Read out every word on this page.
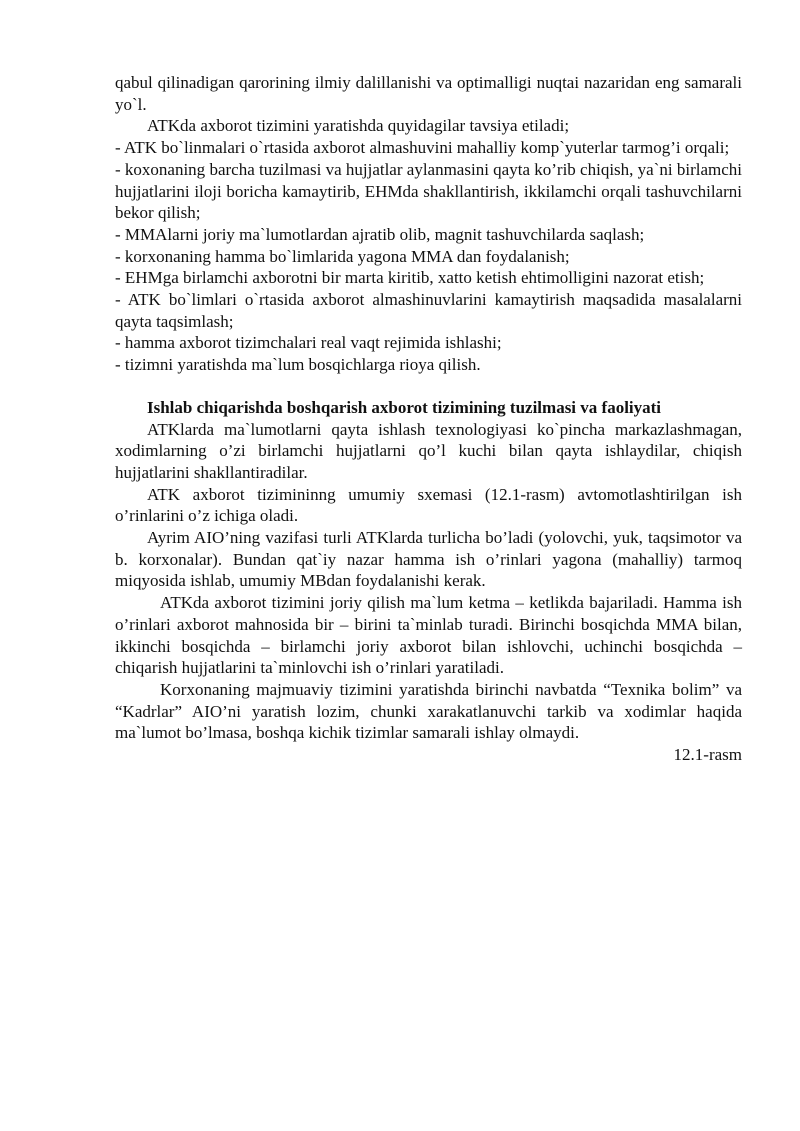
qabul qilinadigan qarorining ilmiy dalillanishi va optimalligi nuqtai nazaridan eng samarali yo`l.

ATKda axborot tizimini yaratishda quyidagilar tavsiya etiladi;

- ATK bo`linmalari o`rtasida axborot almashuvini mahalliy komp`yuterlar tarmog’i orqali;

- koxonaning barcha tuzilmasi va hujjatlar aylanmasini qayta ko’rib chiqish, ya`ni birlamchi hujjatlarini iloji boricha kamaytirib, EHMda shakllantirish, ikkilamchi orqali tashuvchilarni bekor qilish;

- MMAlarni joriy ma`lumotlardan ajratib olib, magnit tashuvchilarda saqlash;

- korxonaning hamma bo`limlarida yagona MMA dan foydalanish;

- EHMga birlamchi axborotni bir marta kiritib, xatto ketish ehtimolligini nazorat etish;

- ATK bo`limlari o`rtasida axborot almashinuvlarini kamaytirish maqsadida masalalarni qayta taqsimlash;

- hamma axborot tizimchalari real vaqt rejimida ishlashi;

- tizimni yaratishda ma`lum bosqichlarga rioya qilish.

Ishlab chiqarishda boshqarish axborot tizimining tuzilmasi va faoliyati

ATKlarda ma`lumotlarni qayta ishlash texnologiyasi ko`pincha markazlashmagan, xodimlarning o’zi birlamchi hujjatlarni qo’l kuchi bilan qayta ishlaydilar, chiqish hujjatlarini shakllantiradilar.

ATK axborot tizimininng umumiy sxemasi (12.1-rasm) avtomotlashtirilgan ish o’rinlarini o’z ichiga oladi.

Ayrim AIO’ning vazifasi turli ATKlarda turlicha bo’ladi (yolovchi, yuk, taqsimotor va b. korxonalar). Bundan qat`iy nazar hamma ish o’rinlari yagona (mahalliy) tarmoq miqyosida ishlab, umumiy MBdan foydalanishi kerak.

ATKda axborot tizimini joriy qilish ma`lum ketma – ketlikda bajariladi. Hamma ish o’rinlari axborot mahnosida bir – birini ta`minlab turadi. Birinchi bosqichda MMA bilan, ikkinchi bosqichda – birlamchi joriy axborot bilan ishlovchi, uchinchi bosqichda – chiqarish hujjatlarini ta`minlovchi ish o’rinlari yaratiladi.

Korxonaning majmuaviy tizimini yaratishda birinchi navbatda “Texnika bolim” va “Kadrlar” AIO’ni yaratish lozim, chunki xarakatlanuvchi tarkib va xodimlar haqida ma`lumot bo’lmasa, boshqa kichik tizimlar samarali ishlay olmaydi.

12.1-rasm
